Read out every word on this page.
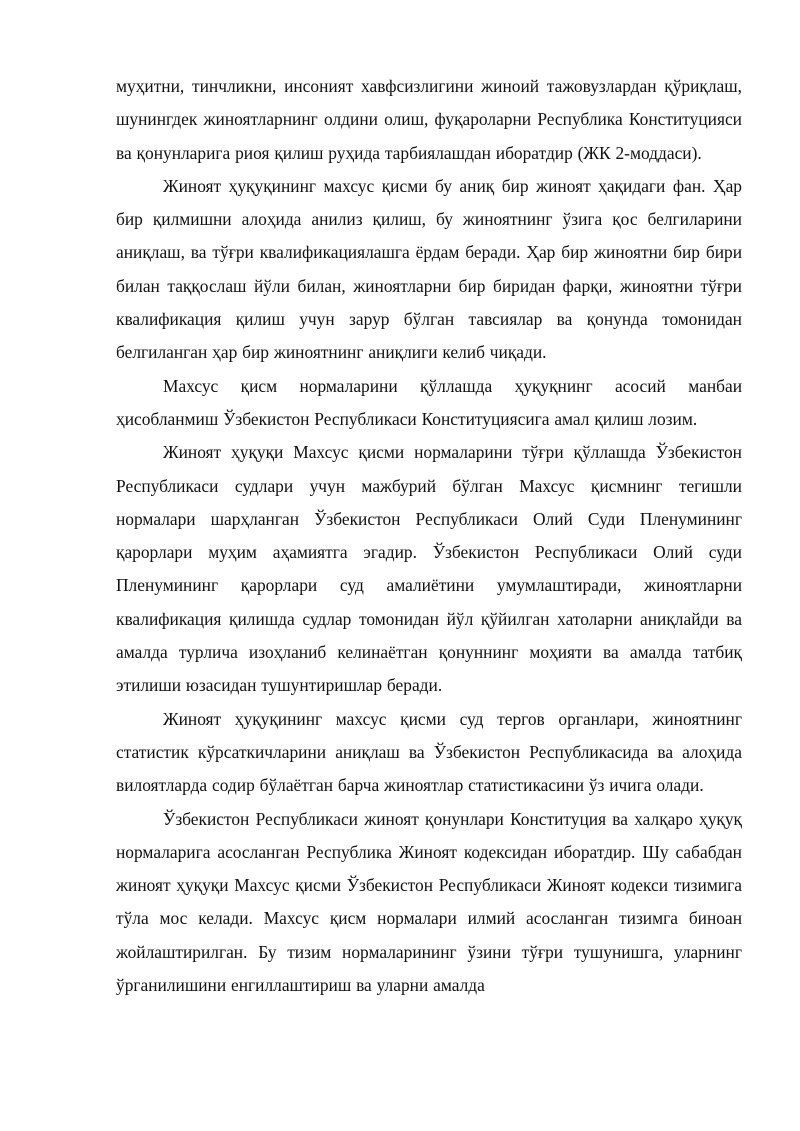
муҳитни, тинчликни, инсоният хавфсизлигини жиноий тажовузлардан қўриқлаш, шунингдек жиноятларнинг олдини олиш, фуқароларни Республика Конституцияси ва қонунларига риоя қилиш руҳида тарбиялашдан иборатдир (ЖК 2-моддаси).

Жиноят ҳуқуқининг махсус қисми бу аниқ бир жиноят ҳақидаги фан. Ҳар бир қилмишни алоҳида анилиз қилиш, бу жиноятнинг ўзига қос белгиларини аниқлаш, ва тўғри квалификациялашга ёрдам беради. Ҳар бир жиноятни бир бири билан таққослаш йўли билан, жиноятларни бир биридан фарқи, жиноятни тўғри квалификация қилиш учун зарур бўлган тавсиялар ва қонунда томонидан белгиланган ҳар бир жиноятнинг аниқлиги келиб чиқади.

Махсус қисм нормаларини қўллашда ҳуқуқнинг асосий манбаи ҳисобланмиш Ўзбекистон Республикаси Конституциясига амал қилиш лозим.

Жиноят ҳуқуқи Махсус қисми нормаларини тўғри қўллашда Ўзбекистон Республикаси судлари учун мажбурий бўлган Махсус қисмнинг тегишли нормалари шарҳланган Ўзбекистон Республикаси Олий Суди Пленумининг қарорлари муҳим аҳамиятга эгадир. Ўзбекистон Республикаси Олий суди Пленумининг қарорлари суд амалиётини умумлаштиради, жиноятларни квалификация қилишда судлар томонидан йўл қўйилган хатоларни аниқлайди ва амалда турлича изоҳланиб келинаётган қонуннинг моҳияти ва амалда татбиқ этилиши юзасидан тушунтиришлар беради.

Жиноят ҳуқуқининг махсус қисми суд тергов органлари, жиноятнинг статистик кўрсаткичларини аниқлаш ва Ўзбекистон Республикасида ва алоҳида вилоятларда содир бўлаётган барча жиноятлар статистикасини ўз ичига олади.

Ўзбекистон Республикаси жиноят қонунлари Конституция ва халқаро ҳуқуқ нормаларига асосланган Республика Жиноят кодексидан иборатдир. Шу сабабдан жиноят ҳуқуқи Махсус қисми Ўзбекистон Республикаси Жиноят кодекси тизимига тўла мос келади. Махсус қисм нормалари илмий асосланган тизимга биноан жойлаштирилган. Бу тизим нормаларининг ўзини тўғри тушунишга, уларнинг ўрганилишини енгиллаштириш ва уларни амалда
